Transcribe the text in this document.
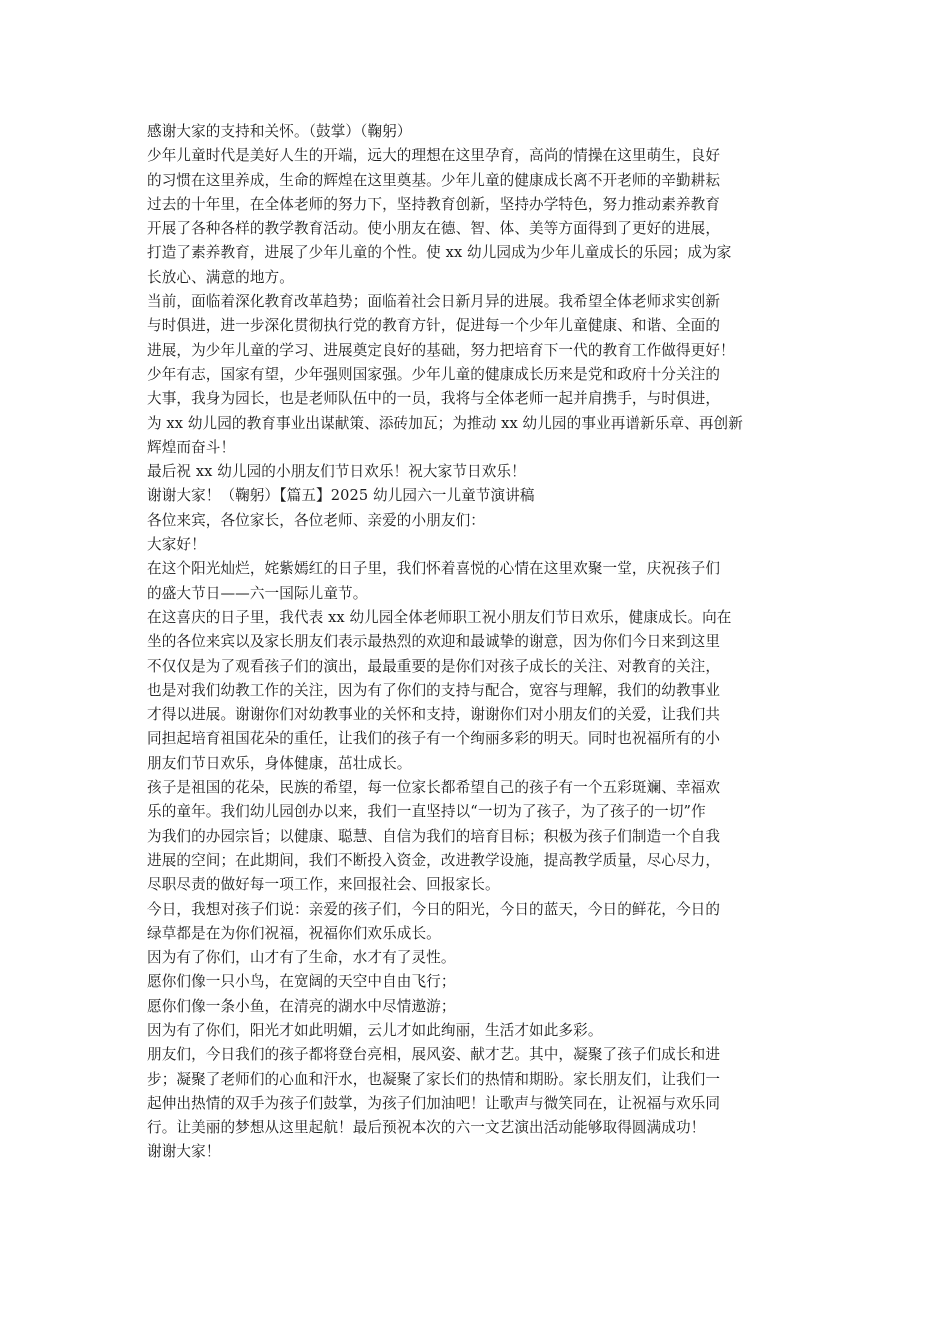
感谢大家的支持和关怀。（鼓掌）（鞠躬）
少年儿童时代是美好人生的开端，远大的理想在这里孕育，高尚的情操在这里萌生，良好
的习惯在这里养成，生命的辉煌在这里奠基。少年儿童的健康成长离不开老师的辛勤耕耘
过去的十年里，在全体老师的努力下，坚持教育创新，坚持办学特色，努力推动素养教育
开展了各种各样的教学教育活动。使小朋友在德、智、体、美等方面得到了更好的进展，
打造了素养教育，进展了少年儿童的个性。使 xx 幼儿园成为少年儿童成长的乐园；成为家
长放心、满意的地方。
当前，面临着深化教育改革趋势；面临着社会日新月异的进展。我希望全体老师求实创新
与时俱进，进一步深化贯彻执行党的教育方针，促进每一个少年儿童健康、和谐、全面的
进展，为少年儿童的学习、进展奠定良好的基础，努力把培育下一代的教育工作做得更好！
少年有志，国家有望，少年强则国家强。少年儿童的健康成长历来是党和政府十分关注的
大事，我身为园长，也是老师队伍中的一员，我将与全体老师一起并肩携手，与时俱进，
为 xx 幼儿园的教育事业出谋献策、添砖加瓦；为推动 xx 幼儿园的事业再谱新乐章、再创新
辉煌而奋斗！
最后祝 xx 幼儿园的小朋友们节日欢乐！祝大家节日欢乐！
谢谢大家！（鞠躬）【篇五】2025 幼儿园六一儿童节演讲稿
各位来宾，各位家长，各位老师、亲爱的小朋友们：
大家好！
在这个阳光灿烂，姹紫嫣红的日子里，我们怀着喜悦的心情在这里欢聚一堂，庆祝孩子们
的盛大节日——六一国际儿童节。
在这喜庆的日子里，我代表 xx 幼儿园全体老师职工祝小朋友们节日欢乐，健康成长。向在
坐的各位来宾以及家长朋友们表示最热烈的欢迎和最诚挚的谢意，因为你们今日来到这里
不仅仅是为了观看孩子们的演出，最最重要的是你们对孩子成长的关注、对教育的关注，
也是对我们幼教工作的关注，因为有了你们的支持与配合，宽容与理解，我们的幼教事业
才得以进展。谢谢你们对幼教事业的关怀和支持，谢谢你们对小朋友们的关爱，让我们共
同担起培育祖国花朵的重任，让我们的孩子有一个绚丽多彩的明天。同时也祝福所有的小
朋友们节日欢乐，身体健康，茁壮成长。
孩子是祖国的花朵，民族的希望，每一位家长都希望自己的孩子有一个五彩斑斓、幸福欢
乐的童年。我们幼儿园创办以来，我们一直坚持以“一切为了孩子，为了孩子的一切”作
为我们的办园宗旨；以健康、聪慧、自信为我们的培育目标；积极为孩子们制造一个自我
进展的空间；在此期间，我们不断投入资金，改进教学设施，提高教学质量，尽心尽力，
尽职尽责的做好每一项工作，来回报社会、回报家长。
今日，我想对孩子们说：亲爱的孩子们，今日的阳光，今日的蓝天，今日的鲜花，今日的
绿草都是在为你们祝福，祝福你们欢乐成长。
因为有了你们，山才有了生命，水才有了灵性。
愿你们像一只小鸟，在宽阔的天空中自由飞行；
愿你们像一条小鱼，在清亮的湖水中尽情遨游；
因为有了你们，阳光才如此明媚，云儿才如此绚丽，生活才如此多彩。
朋友们，今日我们的孩子都将登台亮相，展风姿、献才艺。其中，凝聚了孩子们成长和进
步；凝聚了老师们的心血和汗水，也凝聚了家长们的热情和期盼。家长朋友们，让我们一
起伸出热情的双手为孩子们鼓掌，为孩子们加油吧！让歌声与微笑同在，让祝福与欢乐同
行。让美丽的梦想从这里起航！最后预祝本次的六一文艺演出活动能够取得圆满成功！
谢谢大家！
